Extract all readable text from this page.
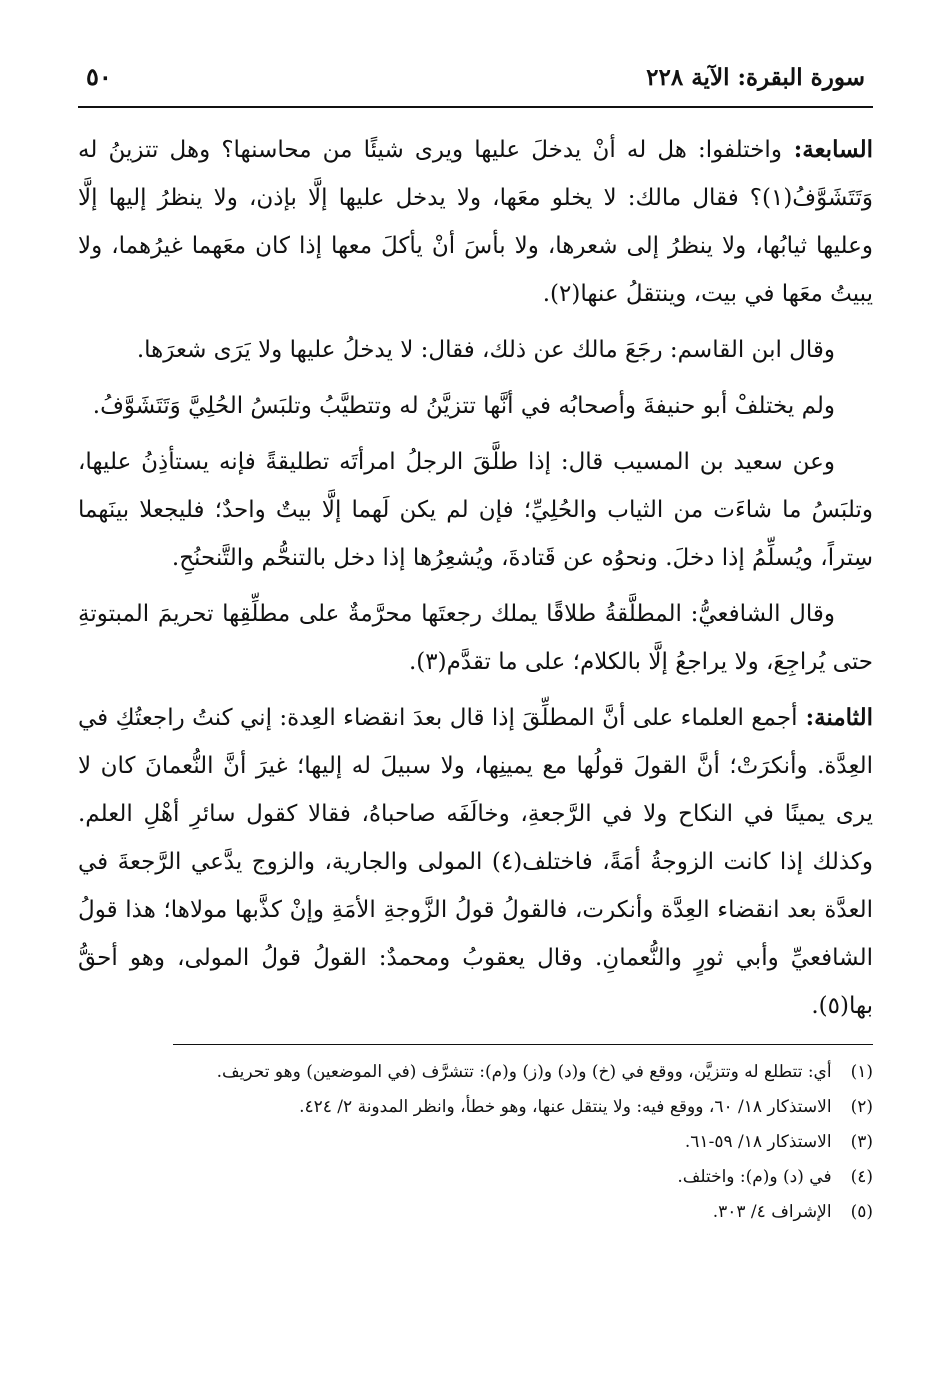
سورة البقرة: الآية ٢٢٨
٥٠

السابعة: واختلفوا: هل له أنْ يدخلَ عليها ويرى شيئًا من محاسنها؟ وهل تتزينُ له وَتَتَشَوَّفُ(١)؟ فقال مالك: لا يخلو معَها، ولا يدخل عليها إلَّا بإذن، ولا ينظرُ إليها إلَّا وعليها ثيابُها، ولا ينظرُ إلى شعرها، ولا بأسَ أنْ يأكلَ معها إذا كان معَهما غيرُهما، ولا يبيتُ معَها في بيت، وينتقلُ عنها(٢).

وقال ابن القاسم: رجَعَ مالك عن ذلك، فقال: لا يدخلُ عليها ولا يَرَى شعرَها.

ولم يختلفْ أبو حنيفةَ وأصحابُه في أنَّها تتزيَّنُ له وتتطيَّبُ وتلبَسُ الحُلِيَّ وَتَتَشَوَّفُ.

وعن سعيد بن المسيب قال: إذا طلَّقَ الرجلُ امرأتَه تطليقةً فإنه يستأذِنُ عليها، وتلبَسُ ما شاءَت من الثياب والحُلِيِّ؛ فإن لم يكن لَهما إلَّا بيتٌ واحدٌ؛ فليجعلا بينَهما سِتراً، ويُسلِّمُ إذا دخلَ. ونحوُه عن قَتادةَ، ويُشعِرُها إذا دخل بالتنحُّم والتَّنحنُحِ.

وقال الشافعيُّ: المطلَّقةُ طلاقًا يملك رجعتَها محرَّمةٌ على مطلِّقِها تحريمَ المبتوتةِ حتى يُراجِعَ، ولا يراجعُ إلَّا بالكلام؛ على ما تقدَّم(٣).

الثامنة: أجمع العلماء على أنَّ المطلِّقَ إذا قال بعدَ انقضاء العِدة: إني كنتُ راجعتُكِ في العِدَّة. وأنكرَتْ؛ أنَّ القولَ قولُها مع يمينِها، ولا سبيلَ له إليها؛ غيرَ أنَّ النُّعمانَ كان لا يرى يمينًا في النكاح ولا في الرَّجعةِ، وخالَفَه صاحباهُ، فقالا كقول سائرِ أهْلِ العلم. وكذلك إذا كانت الزوجةُ أمَةً، فاختلف(٤) المولى والجارية، والزوج يدَّعي الرَّجعةَ في العدَّة بعد انقضاء العِدَّة وأنكرت، فالقولُ قولُ الزَّوجةِ الأمَةِ وإنْ كذَّبها مولاها؛ هذا قولُ الشافعيِّ وأبي ثورٍ والنُّعمانِ. وقال يعقوبُ ومحمدٌ: القولُ قولُ المولى، وهو أحقُّ بها(٥).

(١) أي: تتطلع له وتتزيَّن، ووقع في (خ) و(د) و(ز) و(م): تتشرَّف (في الموضعين) وهو تحريف.
(٢) الاستذكار ١٨/ ٦٠، ووقع فيه: ولا ينتقل عنها، وهو خطأ، وانظر المدونة ٢/ ٤٢٤.
(٣) الاستذكار ١٨/ ٥٩-٦١.
(٤) في (د) و(م): واختلف.
(٥) الإشراف ٤/ ٣٠٣.
